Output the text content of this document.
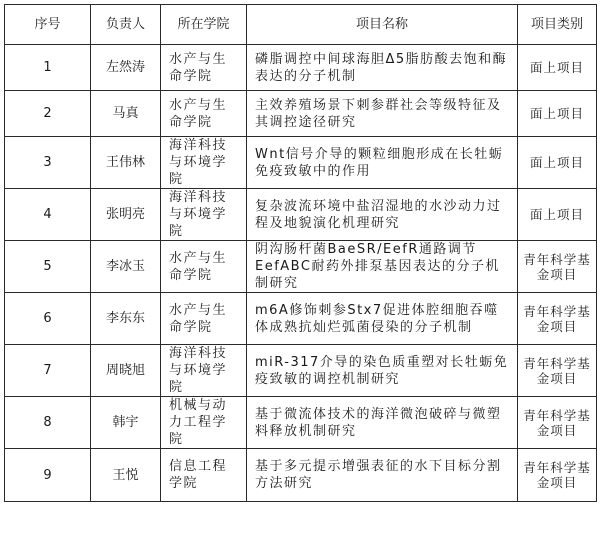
序号	负责人	所在学院	项目名称	项目类别
1	左然涛	水产与生命学院	磷脂调控中间球海胆Δ5脂肪酸去饱和酶表达的分子机制	面上项目
2	马真	水产与生命学院	主效养殖场景下刺参群社会等级特征及其调控途径研究	面上项目
3	王伟林	海洋科技与环境学院	Wnt信号介导的颗粒细胞形成在长牡蛎免疫致敏中的作用	面上项目
4	张明亮	海洋科技与环境学院	复杂波流环境中盐沼湿地的水沙动力过程及地貌演化机理研究	面上项目
5	李冰玉	水产与生命学院	阴沟肠杆菌BaeSR/EefR通路调节EefABC耐药外排泵基因表达的分子机制研究	青年科学基金项目
6	李东东	水产与生命学院	m6A修饰刺参Stx7促进体腔细胞吞噬体成熟抗灿烂弧菌侵染的分子机制	青年科学基金项目
7	周晓旭	海洋科技与环境学院	miR-317介导的染色质重塑对长牡蛎免疫致敏的调控机制研究	青年科学基金项目
8	韩宇	机械与动力工程学院	基于微流体技术的海洋微泡破碎与微塑料释放机制研究	青年科学基金项目
9	王悦	信息工程学院	基于多元提示增强表征的水下目标分割方法研究	青年科学基金项目
